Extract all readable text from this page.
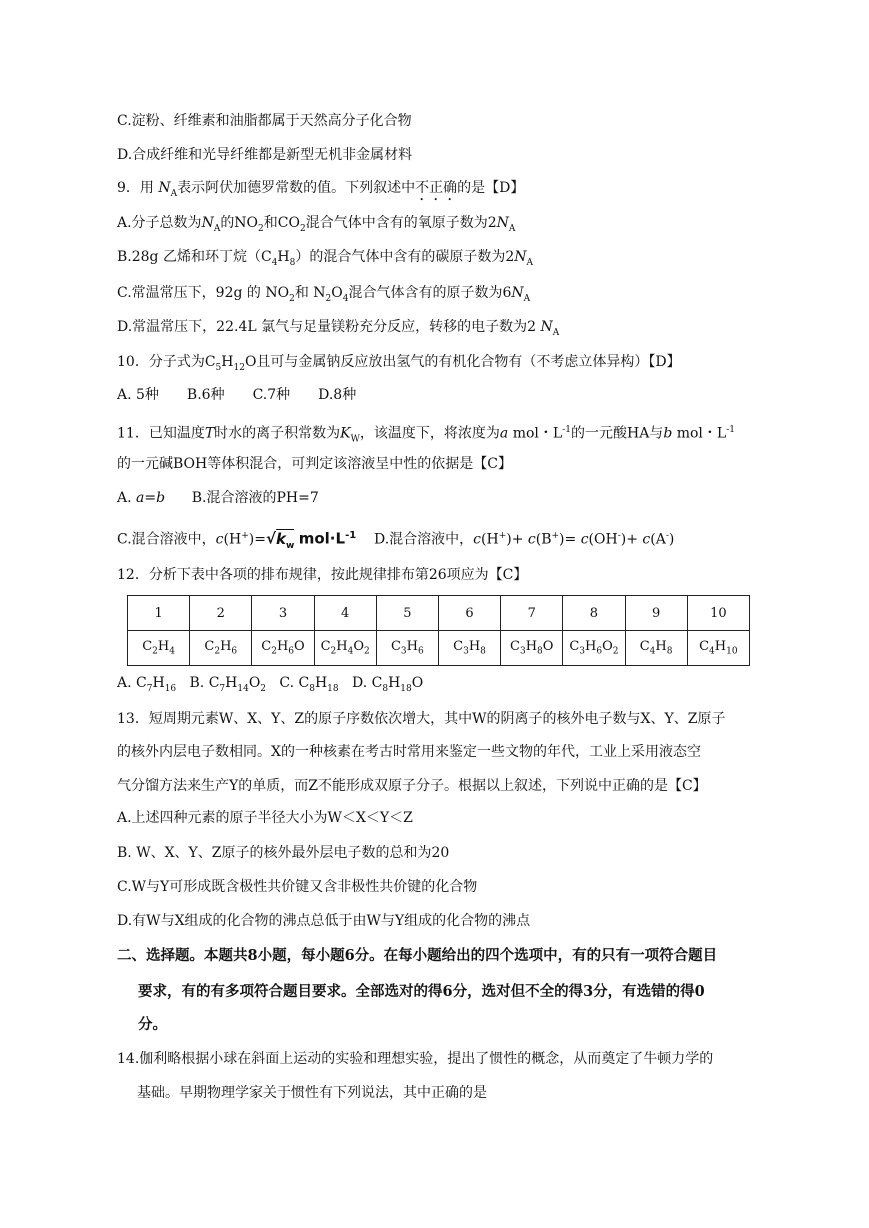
C.淀粉、纤维素和油脂都属于天然高分子化合物
D.合成纤维和光导纤维都是新型无机非金属材料
9．用 $N_A$表示阿伏加德罗常数的值。下列叙述中不正确的是【D】
A.分子总数为$N_A$的$NO_2$和$CO_2$混合气体中含有的氧原子数为$2N_A$
B.28g 乙烯和环丁烷$(C_4H_8)$的混合气体中含有的碳原子数为$2N_A$
C.常温常压下，92g 的 $NO_2$和 $N_2O_4$混合气体含有的原子数为$6N_A$
D.常温常压下，22.4L 氯气与足量镁粉充分反应，转移的电子数为2 $N_A$
10．分子式为$C_5H_{12}O$且可与金属钠反应放出氢气的有机化合物有（不考虑立体异构）【D】
A. 5种　　B.6种　　C.7种　　D.8种
11．已知温度T时水的离子积常数为$K_W$，该温度下，将浓度为a mol・$L^{-1}$的一元酸HA与b mol・$L^{-1}$
的一元碱BOH等体积混合，可判定该溶液呈中性的依据是【C】
A. a=b B.混合溶液的PH=7
C.混合溶液中，$c(H^+)=√k_w$ $mol\cdot L^{-1}$ D.混合溶液中，c(H+)+ c(B+)= c(OH-)+ c(A-)
12．分析下表中各项的排布规律，按此规律排布第26项应为【C】
1	2	3	4	5	6	7	8	9	10
$C_2H_4$	$C_2H_6$	$C_2H_6O$	$C_2H_4O_2$	$C_3H_6$	$C_3H_8$	$C_3H_8O$	$C_3H_6O_2$	$C_4H_8$	$C_4H_{10}$
A. $C_7H_{16}$ B. $C_7H_{14}O_2$ C. $C_8H_{18}$ D. $C_8H_{18}O$
13．短周期元素W、X、Y、Z的原子序数依次增大，其中W的阴离子的核外电子数与X、Y、Z原子
的核外内层电子数相同。X的一种核素在考古时常用来鉴定一些文物的年代，工业上采用液态空
气分馏方法来生产Y的单质，而Z不能形成双原子分子。根据以上叙述，下列说中正确的是【C】
A.上述四种元素的原子半径大小为W＜X＜Y＜Z
B. W、X、Y、Z原子的核外最外层电子数的总和为20
C.W与Y可形成既含极性共价键又含非极性共价键的化合物
D.有W与X组成的化合物的沸点总低于由W与Y组成的化合物的沸点
二、选择题。本题共8小题，每小题6分。在每小题给出的四个选项中，有的只有一项符合题目
要求，有的有多项符合题目要求。全部选对的得6分，选对但不全的得3分，有选错的得0
分。
14.伽利略根据小球在斜面上运动的实验和理想实验，提出了惯性的概念，从而奠定了牛顿力学的
基础。早期物理学家关于惯性有下列说法，其中正确的是
